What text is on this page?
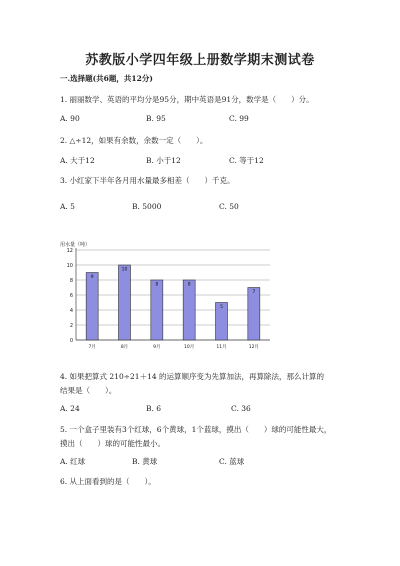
苏教版小学四年级上册数学期末测试卷
一.选择题(共6题，共12分)
1. 丽丽数学、英语的平均分是95分，期中英语是91分，数学是（　　）分。
A. 90	B. 95	C. 99
2. △÷12，如果有余数，余数一定（　　）。
A. 大于12	B. 小于12	C. 等于12
3. 小红家下半年各月用水量最多相差（　　）千克。
A. 5	B. 5000	C. 50
用水量（吨）
0
2
4
6
8
10
12
9
7月
10
8月
8
9月
8
10月
5
11月
7
12月
4. 如果把算式 210÷21＋14 的运算顺序变为先算加法，再算除法，那么计算的
结果是（　　）。
A. 24	B. 6	C. 36
5. 一个盒子里装有3个红球，6个黄球，1个蓝球，摸出（　　）球的可能性最大，
摸出（　　）球的可能性最小。
A. 红球	B. 黄球	C. 蓝球
6. 从上面看到的是（　　）。
